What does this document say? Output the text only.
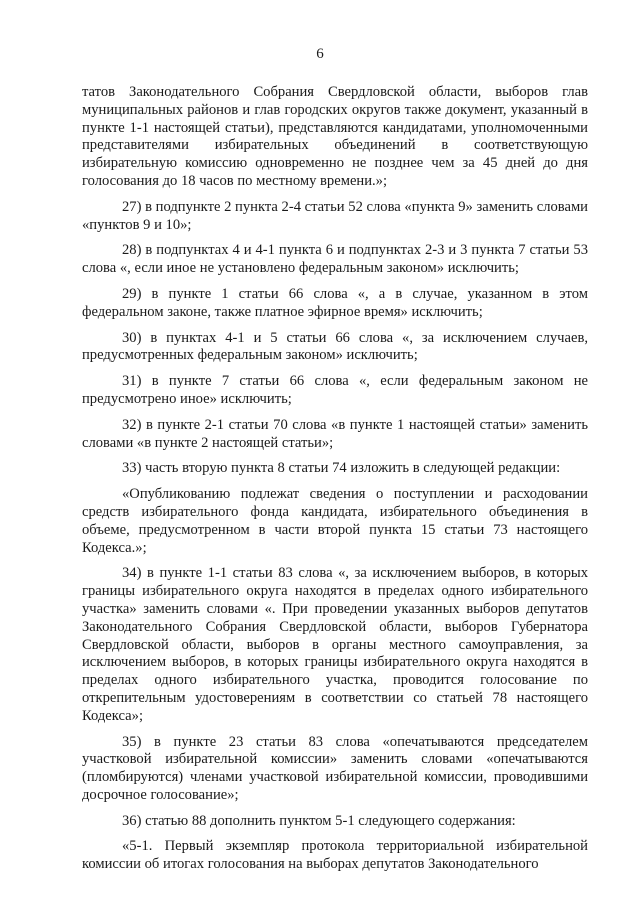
6

татов Законодательного Собрания Свердловской области, выборов глав муниципальных районов и глав городских округов также документ, указанный в пункте 1-1 настоящей статьи), представляются кандидатами, уполномоченными представителями избирательных объединений в соответствующую избирательную комиссию одновременно не позднее чем за 45 дней до дня голосования до 18 часов по местному времени.»;

27) в подпункте 2 пункта 2-4 статьи 52 слова «пункта 9» заменить словами «пунктов 9 и 10»;

28) в подпунктах 4 и 4-1 пункта 6 и подпунктах 2-3 и 3 пункта 7 статьи 53 слова «, если иное не установлено федеральным законом» исключить;

29) в пункте 1 статьи 66 слова «, а в случае, указанном в этом федеральном законе, также платное эфирное время» исключить;

30) в пунктах 4-1 и 5 статьи 66 слова «, за исключением случаев, предусмотренных федеральным законом» исключить;

31) в пункте 7 статьи 66 слова «, если федеральным законом не предусмотрено иное» исключить;

32) в пункте 2-1 статьи 70 слова «в пункте 1 настоящей статьи» заменить словами «в пункте 2 настоящей статьи»;

33) часть вторую пункта 8 статьи 74 изложить в следующей редакции:

«Опубликованию подлежат сведения о поступлении и расходовании средств избирательного фонда кандидата, избирательного объединения в объеме, предусмотренном в части второй пункта 15 статьи 73 настоящего Кодекса.»;

34) в пункте 1-1 статьи 83 слова «, за исключением выборов, в которых границы избирательного округа находятся в пределах одного избирательного участка» заменить словами «. При проведении указанных выборов депутатов Законодательного Собрания Свердловской области, выборов Губернатора Свердловской области, выборов в органы местного самоуправления, за исключением выборов, в которых границы избирательного округа находятся в пределах одного избирательного участка, проводится голосование по открепительным удостоверениям в соответствии со статьей 78 настоящего Кодекса»;

35) в пункте 23 статьи 83 слова «опечатываются председателем участковой избирательной комиссии» заменить словами «опечатываются (пломбируются) членами участковой избирательной комиссии, проводившими досрочное голосование»;

36) статью 88 дополнить пунктом 5-1 следующего содержания:

«5-1. Первый экземпляр протокола территориальной избирательной комиссии об итогах голосования на выборах депутатов Законодательного
